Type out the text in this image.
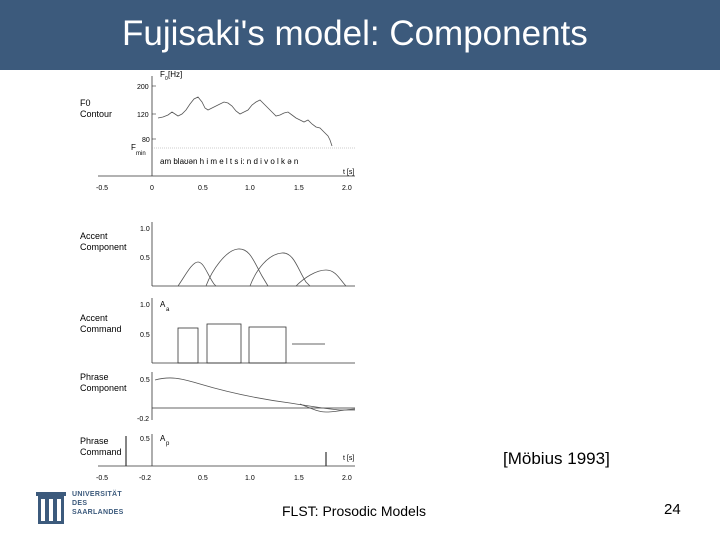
Fujisaki's model: Components
F0
Contour
200
120
80
F 0 [Hz]
F
min
am blaʊən h i m e l t s i: n d i v o l k ə n
t [s]
-0.5	0	0.5	1.0	1.5	2.0
Accent
Component
1.0
0.5
Accent
Command
1.0
0.5
A
a
Phrase
Component
0.5
-0.2
Phrase
Command
0.5 A
p
t [s]
-0.5	-0.2	0.5	1.0	1.5	2.0
[Möbius 1993]
UNIVERSITÄT
DES
SAARLANDES	FLST: Prosodic Models	24
